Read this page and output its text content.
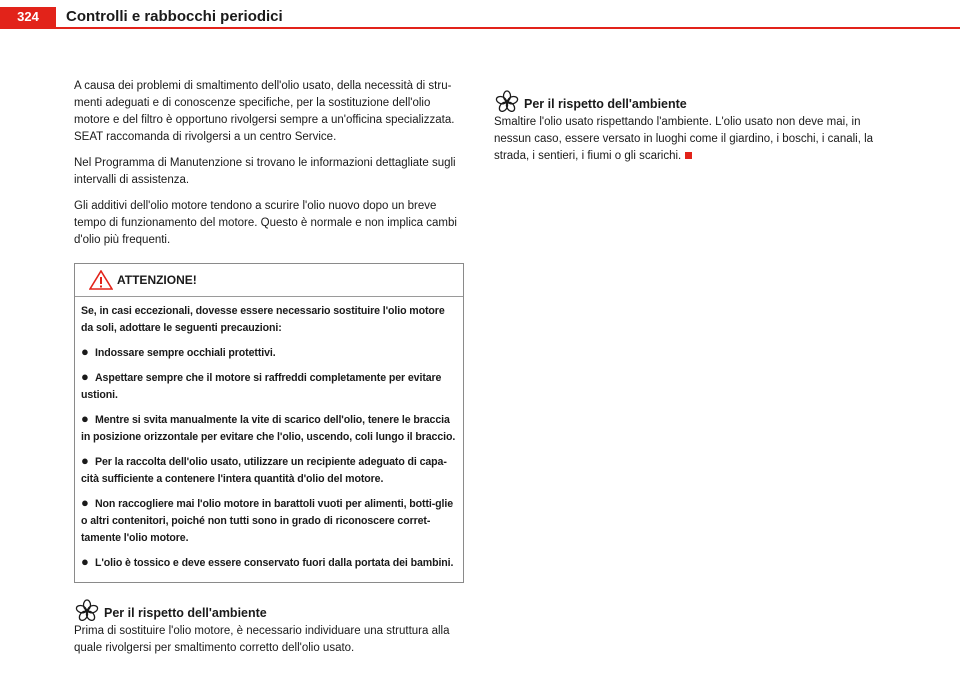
324	Controlli e rabbocchi periodici

A causa dei problemi di smaltimento dell'olio usato, della necessità di stru-menti adeguati e di conoscenze specifiche, per la sostituzione dell'olio motore e del filtro è opportuno rivolgersi sempre a un'officina specializzata. SEAT raccomanda di rivolgersi a un centro Service.

Nel Programma di Manutenzione si trovano le informazioni dettagliate sugli intervalli di assistenza.

Gli additivi dell'olio motore tendono a scurire l'olio nuovo dopo un breve tempo di funzionamento del motore. Questo è normale e non implica cambi d'olio più frequenti.

ATTENZIONE!

Se, in casi eccezionali, dovesse essere necessario sostituire l'olio motore da soli, adottare le seguenti precauzioni:

● Indossare sempre occhiali protettivi.

● Aspettare sempre che il motore si raffreddi completamente per evitare ustioni.

● Mentre si svita manualmente la vite di scarico dell'olio, tenere le braccia in posizione orizzontale per evitare che l'olio, uscendo, coli lungo il braccio.

● Per la raccolta dell'olio usato, utilizzare un recipiente adeguato di capa-cità sufficiente a contenere l'intera quantità d'olio del motore.

● Non raccogliere mai l'olio motore in barattoli vuoti per alimenti, botti-glie o altri contenitori, poiché non tutti sono in grado di riconoscere corret-tamente l'olio motore.

● L'olio è tossico e deve essere conservato fuori dalla portata dei bambini.

Per il rispetto dell'ambiente

Prima di sostituire l'olio motore, è necessario individuare una struttura alla quale rivolgersi per smaltimento corretto dell'olio usato.

Per il rispetto dell'ambiente

Smaltire l'olio usato rispettando l'ambiente. L'olio usato non deve mai, in nessun caso, essere versato in luoghi come il giardino, i boschi, i canali, la strada, i sentieri, i fiumi o gli scarichi.
